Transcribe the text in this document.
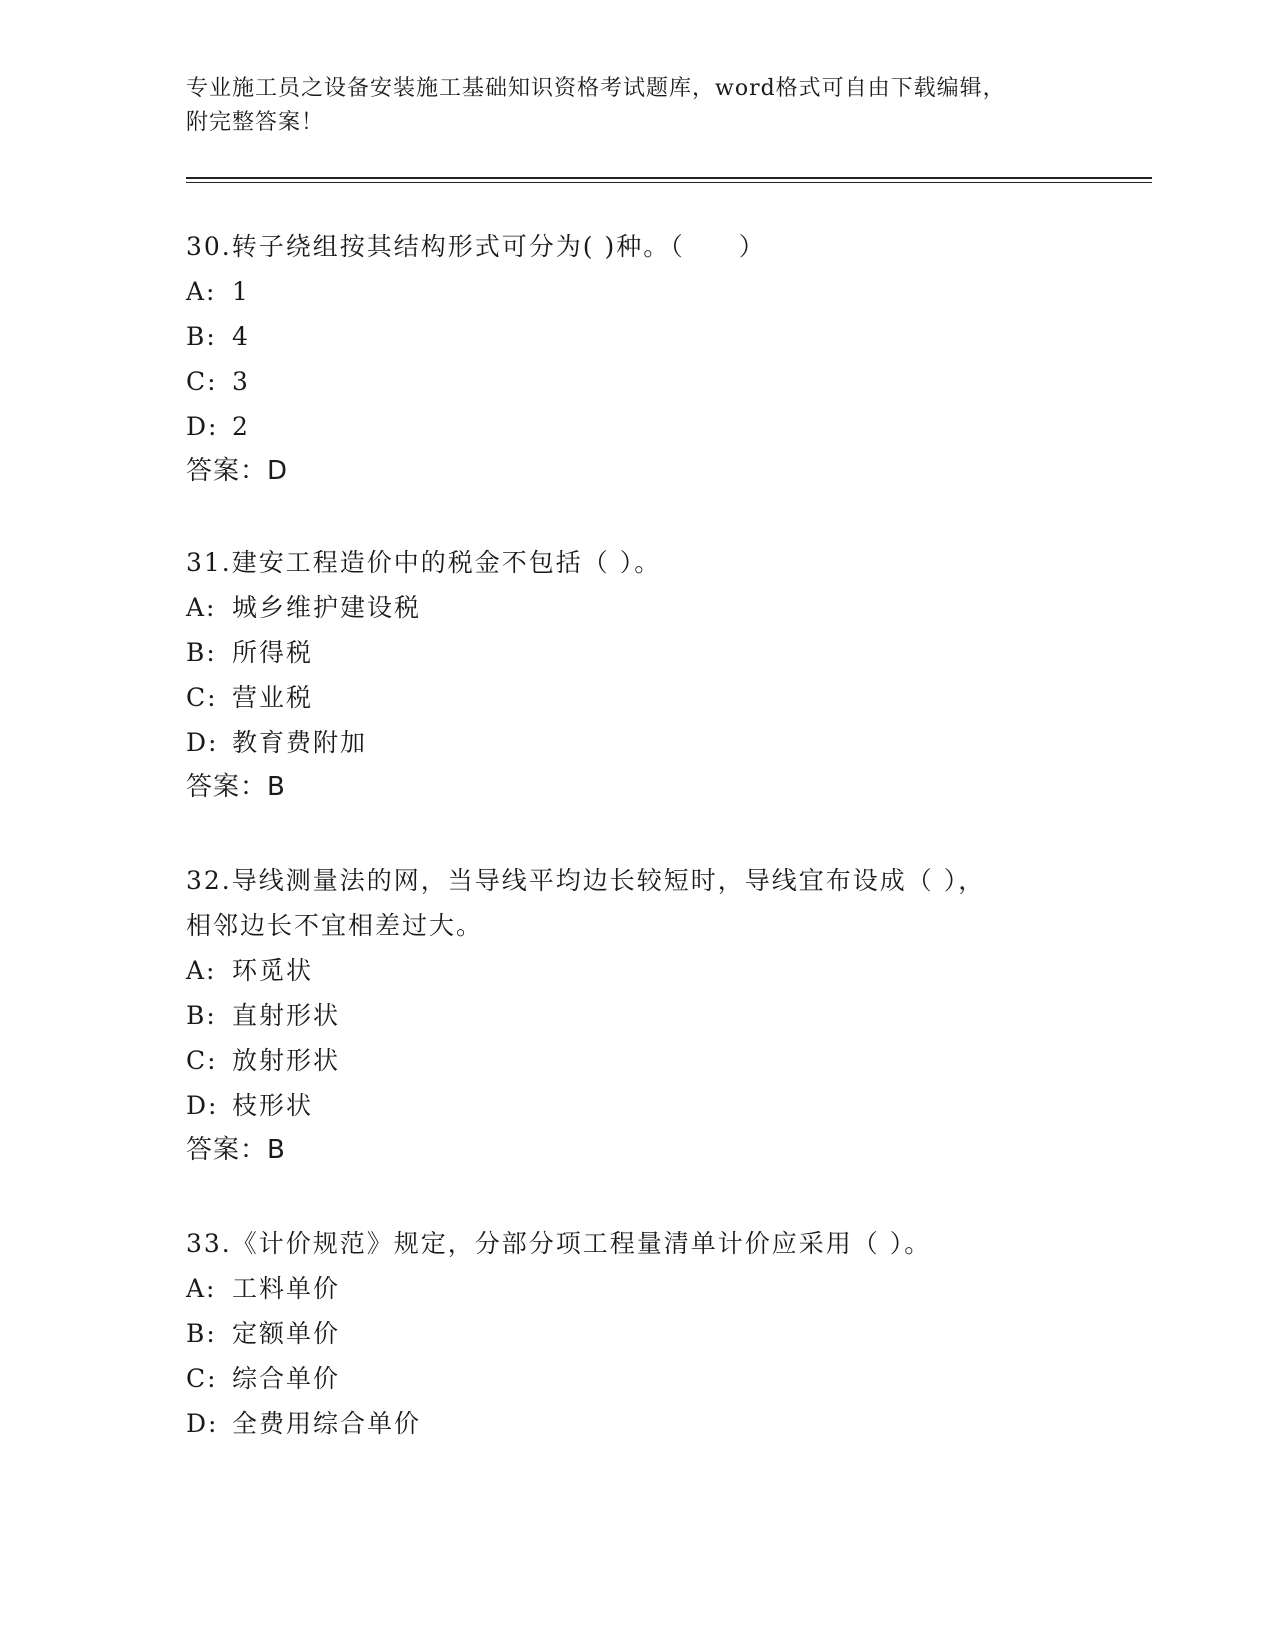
专业施工员之设备安装施工基础知识资格考试题库，word格式可自由下载编辑，
附完整答案！

30.转子绕组按其结构形式可分为( )种。（　　）

A: 1

B: 4

C: 3

D: 2

答案：D

31.建安工程造价中的税金不包括（ ）。

A: 城乡维护建设税

B: 所得税

C: 营业税

D: 教育费附加

答案：B

32.导线测量法的网，当导线平均边长较短时，导线宜布设成（ ），

相邻边长不宜相差过大。

A: 环觅状

B: 直射形状

C: 放射形状

D: 枝形状

答案：B

33.《计价规范》规定，分部分项工程量清单计价应采用（ ）。

A: 工料单价

B: 定额单价

C: 综合单价

D: 全费用综合单价
